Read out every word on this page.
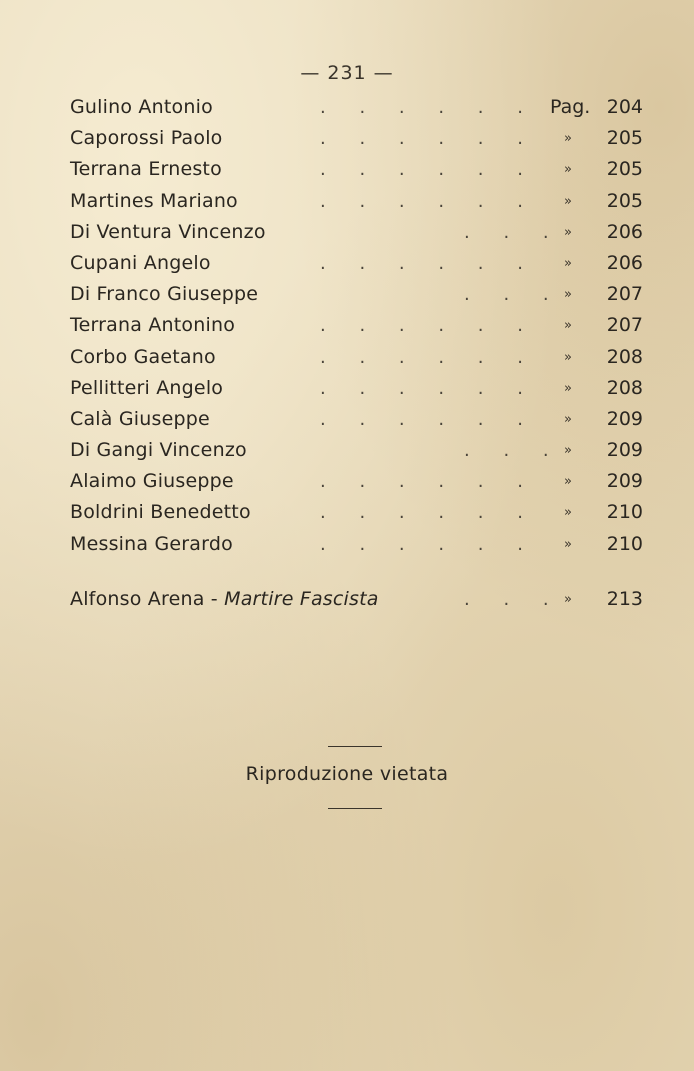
— 231 —
Gulino Antonio	. . . . . . Pag. 204
Caporossi Paolo	. . . . . . » 205
Terrana Ernesto	. . . . . . » 205
Martines Mariano	. . . . . . » 205
Di Ventura Vincenzo	. . . » 206
Cupani Angelo	. . . . . . » 206
Di Franco Giuseppe	. . . » 207
Terrana Antonino	. . . . . . » 207
Corbo Gaetano	. . . . . . » 208
Pellitteri Angelo	. . . . . . » 208
Calà Giuseppe	. . . . . . » 209
Di Gangi Vincenzo	. . . » 209
Alaimo Giuseppe	. . . . . . » 209
Boldrini Benedetto	. . . . . . » 210
Messina Gerardo	. . . . . . » 210
Alfonso Arena - Martire Fascista	. . . » 213
Riproduzione vietata
